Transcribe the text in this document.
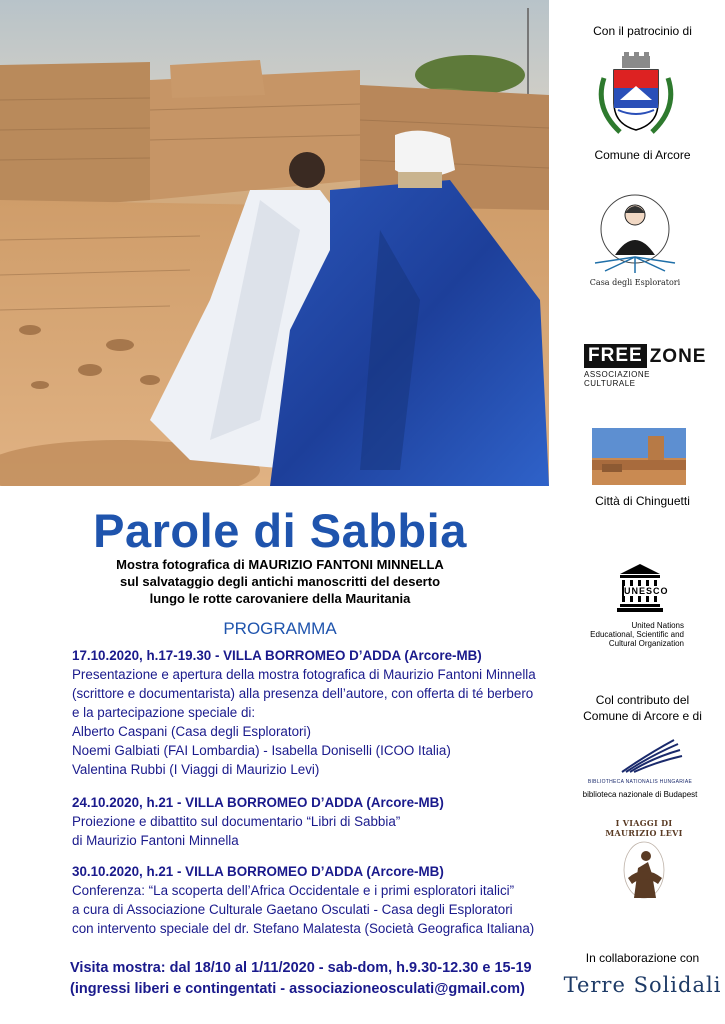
Parole di Sabbia
Mostra fotografica di MAURIZIO FANTONI MINNELLA
sul salvataggio degli antichi manoscritti del deserto
lungo le rotte carovaniere della Mauritania
PROGRAMMA
17.10.2020, h.17-19.30 - VILLA BORROMEO D’ADDA (Arcore-MB)
Presentazione e apertura della mostra fotografica di Maurizio Fantoni Minnella
(scrittore e documentarista) alla presenza dell’autore, con offerta di té berbero
e la partecipazione speciale di:
Alberto Caspani (Casa degli Esploratori)
Noemi Galbiati (FAI Lombardia) - Isabella Doniselli (ICOO Italia)
Valentina Rubbi (I Viaggi di Maurizio Levi)
24.10.2020, h.21 - VILLA BORROMEO D’ADDA (Arcore-MB)
Proiezione e dibattito sul documentario “Libri di Sabbia”
di Maurizio Fantoni Minnella
30.10.2020, h.21 - VILLA BORROMEO D’ADDA (Arcore-MB)
Conferenza: “La scoperta dell’Africa Occidentale e i primi esploratori italici”
a cura di Associazione Culturale Gaetano Osculati - Casa degli Esploratori
con intervento speciale del dr. Stefano Malatesta (Società Geografica Italiana)
Visita mostra: dal 18/10 al 1/11/2020 - sab-dom, h.9.30-12.30 e 15-19
(ingressi liberi e contingentati - associazioneosculati@gmail.com)
Con il patrocinio di
Comune di Arcore
Casa degli Esploratori
FREE ZONE
ASSOCIAZIONE CULTURALE
Città di Chinguetti
UNESCO
United Nations
Educational, Scientific and
Cultural Organization
Col contributo del
Comune di Arcore e di
BIBLIOTHECA NATIONALIS HUNGARIAE
biblioteca nazionale di Budapest
I VIAGGI DI MAURIZIO LEVI
In collaborazione con
Terre Solidali
